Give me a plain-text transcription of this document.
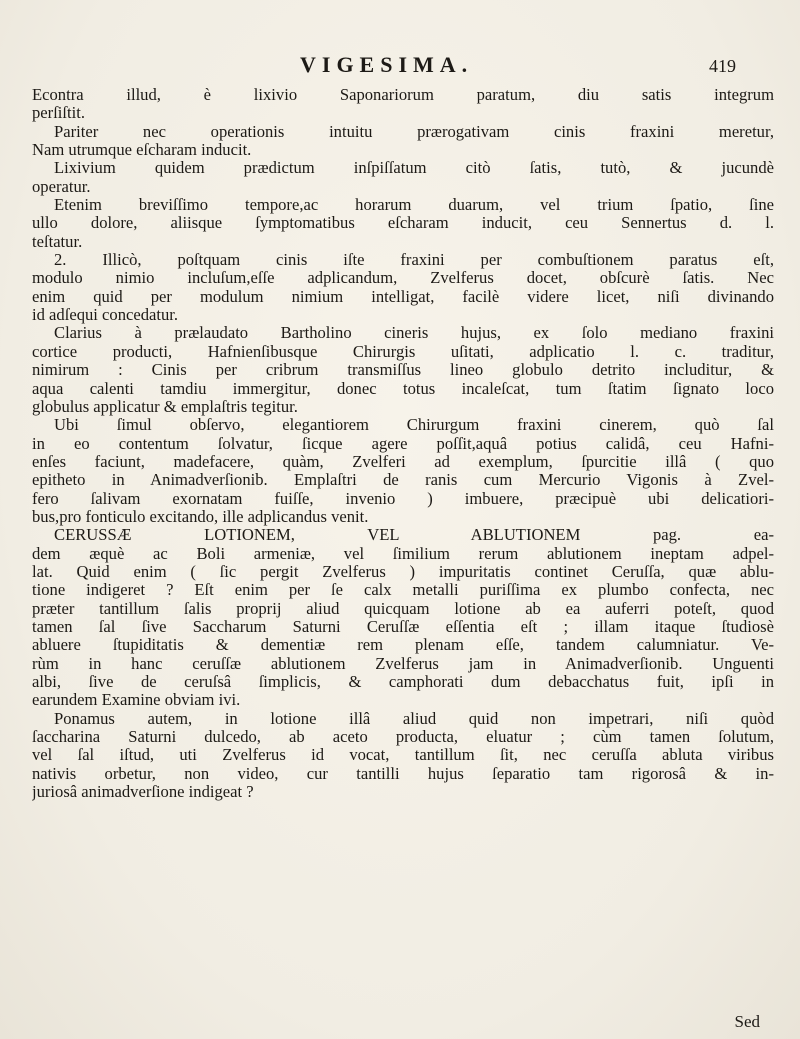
VIGESIMA.	419
Econtra illud, è lixivio Saponariorum paratum, diu satis integrum
perſiſtit.
Pariter nec operationis intuitu prærogativam cinis fraxini meretur,
Nam utrumque eſcharam inducit.
Lixivium quidem prædictum inſpiſſatum citò ſatis, tutò, & jucundè
operatur.
Etenim breviſſimo tempore,ac horarum duarum, vel trium ſpatio, ſine
ullo dolore, aliisque ſymptomatibus eſcharam inducit, ceu Sennertus d. l.
teſtatur.
2. Illicò, poſtquam cinis iſte fraxini per combuſtionem paratus eſt,
modulo nimio incluſum,eſſe adplicandum, Zvelferus docet, obſcurè ſatis. Nec
enim quid per modulum nimium intelligat, facilè videre licet, niſi divinando
id adſequi concedatur.
Clarius à prælaudato Bartholino cineris hujus, ex ſolo mediano fraxini
cortice producti, Hafnienſibusque Chirurgis uſitati, adplicatio l. c. traditur,
nimirum : Cinis per cribrum transmiſſus lineo globulo detrito includitur, &
aqua calenti tamdiu immergitur, donec totus incaleſcat, tum ſtatim ſignato loco
globulus applicatur & emplaſtris tegitur.
Ubi ſimul obſervo, elegantiorem Chirurgum fraxini cinerem, quò ſal
in eo contentum ſolvatur, ſicque agere poſſit,aquâ potius calidâ, ceu Hafni-
enſes faciunt, madefacere, quàm, Zvelferi ad exemplum, ſpurcitie illâ ( quo
epitheto in Animadverſionib. Emplaſtri de ranis cum Mercurio Vigonis à Zvel-
fero ſalivam exornatam fuiſſe, invenio ) imbuere, præcipuè ubi delicatiori-
bus,pro fonticulo excitando, ille adplicandus venit.
CERUSSÆ LOTIONEM, VEL ABLUTIONEM pag. ea-
dem æquè ac Boli armeniæ, vel ſimilium rerum ablutionem ineptam adpel-
lat. Quid enim ( ſic pergit Zvelferus ) impuritatis continet Ceruſſa, quæ ablu-
tione indigeret ? Eſt enim per ſe calx metalli puriſſima ex plumbo confecta, nec
præter tantillum ſalis proprij aliud quicquam lotione ab ea auferri poteſt, quod
tamen ſal ſive Saccharum Saturni Ceruſſæ eſſentia eſt ; illam itaque ſtudiosè
abluere ſtupiditatis & dementiæ rem plenam eſſe, tandem calumniatur. Ve-
rùm in hanc ceruſſæ ablutionem Zvelferus jam in Animadverſionib. Unguenti
albi, ſive de ceruſsâ ſimplicis, & camphorati dum debacchatus fuit, ipſi in
earundem Examine obviam ivi.
Ponamus autem, in lotione illâ aliud quid non impetrari, niſi quòd
ſaccharina Saturni dulcedo, ab aceto producta, eluatur ; cùm tamen ſolutum,
vel ſal iſtud, uti Zvelferus id vocat, tantillum ſit, nec ceruſſa abluta viribus
nativis orbetur, non video, cur tantilli hujus ſeparatio tam rigorosâ & in-
juriosâ animadverſione indigeat ?
Sed
